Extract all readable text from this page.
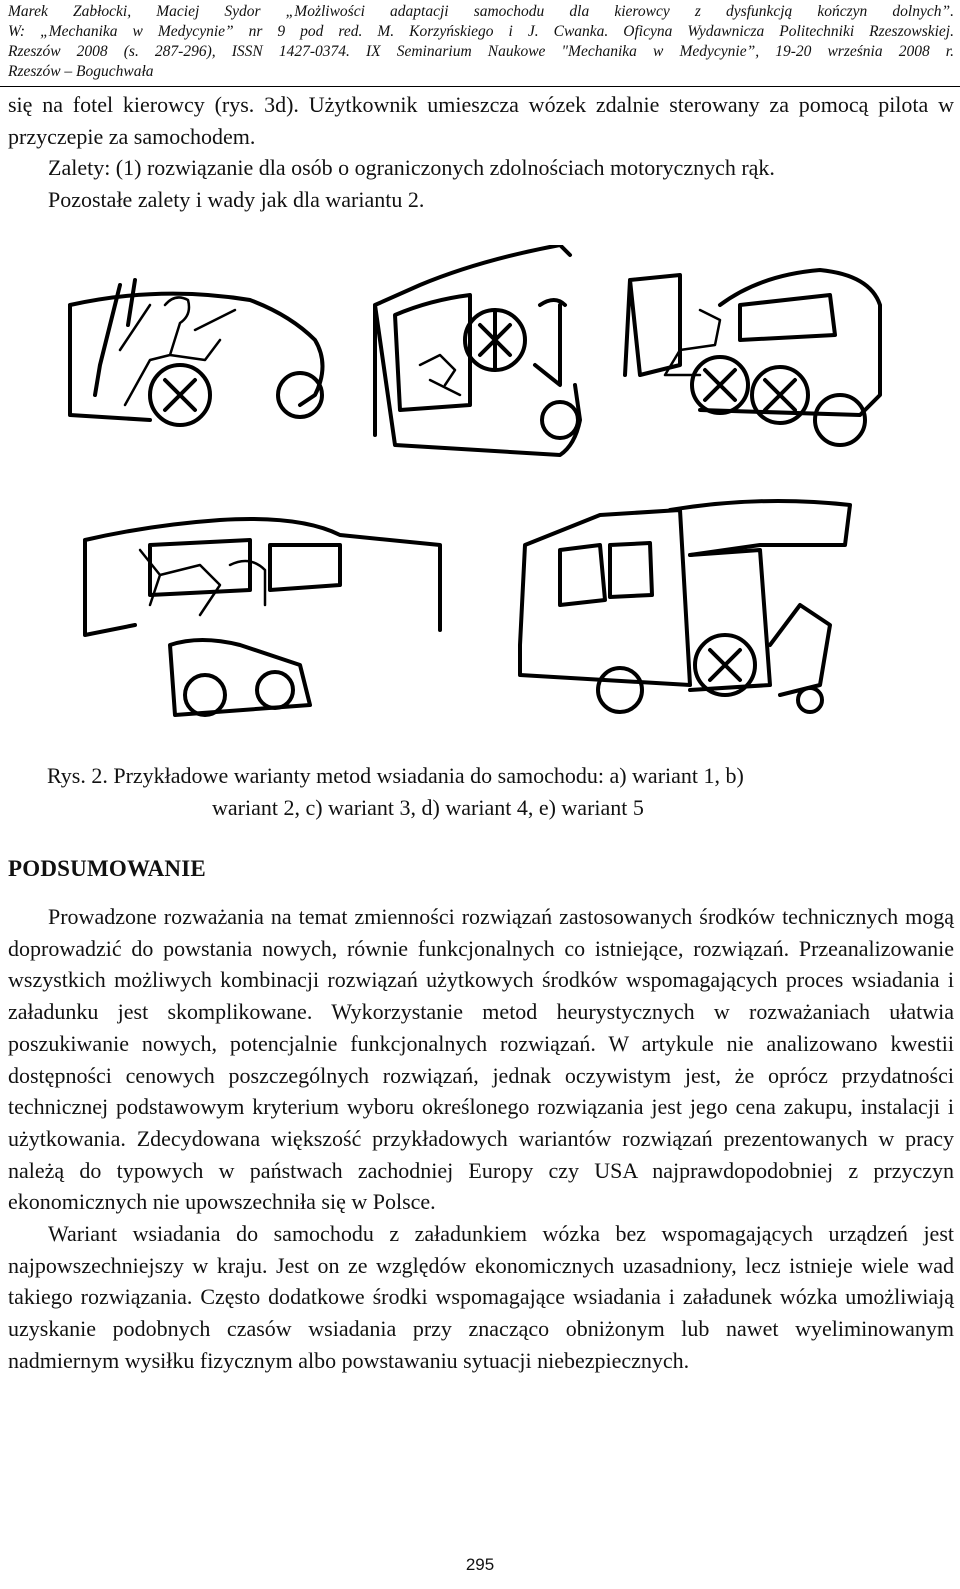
Marek Zabłocki, Maciej Sydor „Możliwości adaptacji samochodu dla kierowcy z dysfunkcją kończyn dolnych”.
W: „Mechanika w Medycynie” nr 9 pod red. M. Korzyńskiego i J. Cwanka. Oficyna Wydawnicza Politechniki Rzeszowskiej.
Rzeszów 2008 (s. 287-296), ISSN 1427-0374. IX Seminarium Naukowe "Mechanika w Medycynie”, 19-20 września 2008 r.
Rzeszów – Boguchwała

się na fotel kierowcy (rys. 3d). Użytkownik umieszcza wózek zdalnie sterowany za pomocą pilota w przyczepie za samochodem.

Zalety: (1) rozwiązanie dla osób o ograniczonych zdolnościach motorycznych rąk.

Pozostałe zalety i wady jak dla wariantu 2.

Rys. 2. Przykładowe warianty metod wsiadania do samochodu: a) wariant 1, b)
wariant 2, c) wariant 3, d) wariant 4, e) wariant 5
PODSUMOWANIE

Prowadzone rozważania na temat zmienności rozwiązań zastosowanych środków technicznych mogą doprowadzić do powstania nowych, równie funkcjonalnych co istniejące, rozwiązań. Przeanalizowanie wszystkich możliwych kombinacji rozwiązań użytkowych środków wspomagających proces wsiadania i załadunku jest skomplikowane. Wykorzystanie metod heurystycznych w rozważaniach ułatwia poszukiwanie nowych, potencjalnie funkcjonalnych rozwiązań. W artykule nie analizowano kwestii dostępności cenowych poszczególnych rozwiązań, jednak oczywistym jest, że oprócz przydatności technicznej podstawowym kryterium wyboru określonego rozwiązania jest jego cena zakupu, instalacji i użytkowania. Zdecydowana większość przykładowych wariantów rozwiązań prezentowanych w pracy należą do typowych w państwach zachodniej Europy czy USA najprawdopodobniej z przyczyn ekonomicznych nie upowszechniła się w Polsce.

Wariant wsiadania do samochodu z załadunkiem wózka bez wspomagających urządzeń jest najpowszechniejszy w kraju. Jest on ze względów ekonomicznych uzasadniony, lecz istnieje wiele wad takiego rozwiązania. Często dodatkowe środki wspomagające wsiadania i załadunek wózka umożliwiają uzyskanie podobnych czasów wsiadania przy znacząco obniżonym lub nawet wyeliminowanym nadmiernym wysiłku fizycznym albo powstawaniu sytuacji niebezpiecznych.

295
